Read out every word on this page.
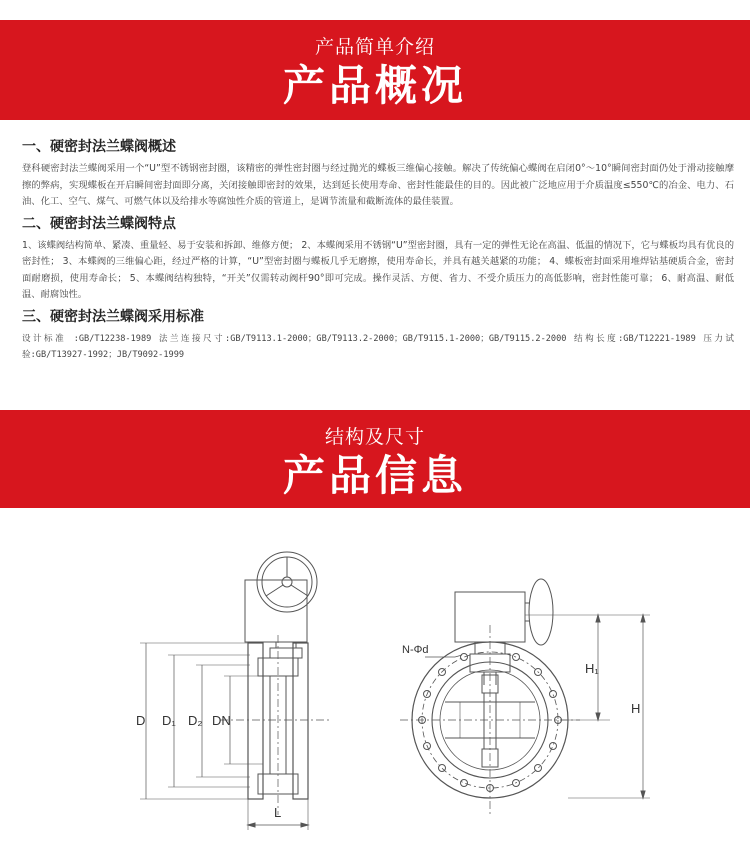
产品简单介绍
产品概况
一、硬密封法兰蝶阀概述

登科硬密封法兰蝶阀采用一个“U”型不锈钢密封圈，该精密的弹性密封圈与经过抛光的蝶板三维偏心接触。解决了传统偏心蝶阀在启闭0°～10°瞬间密封面仍处于滑动接触摩擦的弊病，实现蝶板在开启瞬间密封面即分离，关闭接触即密封的效果，达到延长使用寿命、密封性能最佳的目的。因此被广泛地应用于介质温度≤550℃的冶金、电力、石油、化工、空气、煤气、可燃气体以及给排水等腐蚀性介质的管道上，是调节流量和截断流体的最佳装置。

二、硬密封法兰蝶阀特点

1、该蝶阀结构简单、紧凑、重量轻、易于安装和拆卸、维修方便； 2、本蝶阀采用不锈钢“U”型密封圈，具有一定的弹性无论在高温、低温的情况下，它与蝶板均具有优良的密封性； 3、本蝶阀的三维偏心距，经过严格的计算，“U”型密封圈与蝶板几乎无磨擦，使用寿命长，并具有越关越紧的功能； 4、蝶板密封面采用堆焊钴基硬质合金，密封面耐磨损，使用寿命长； 5、本蝶阀结构独特，“开关”仅需转动阀杆90°即可完成。操作灵活、方便、省力、不受介质压力的高低影响，密封性能可靠； 6、耐高温、耐低温、耐腐蚀性。

三、硬密封法兰蝶阀采用标准

设计标准 :GB/T12238-1989 法兰连接尺寸:GB/T9113.1-2000；GB/T9113.2-2000；GB/T9115.1-2000；GB/T9115.2-2000 结构长度:GB/T12221-1989 压力试验:GB/T13927-1992；JB/T9092-1999

结构及尺寸
产品信息
D D₁ D₂ DN
L
N-Φd
H₁
H
